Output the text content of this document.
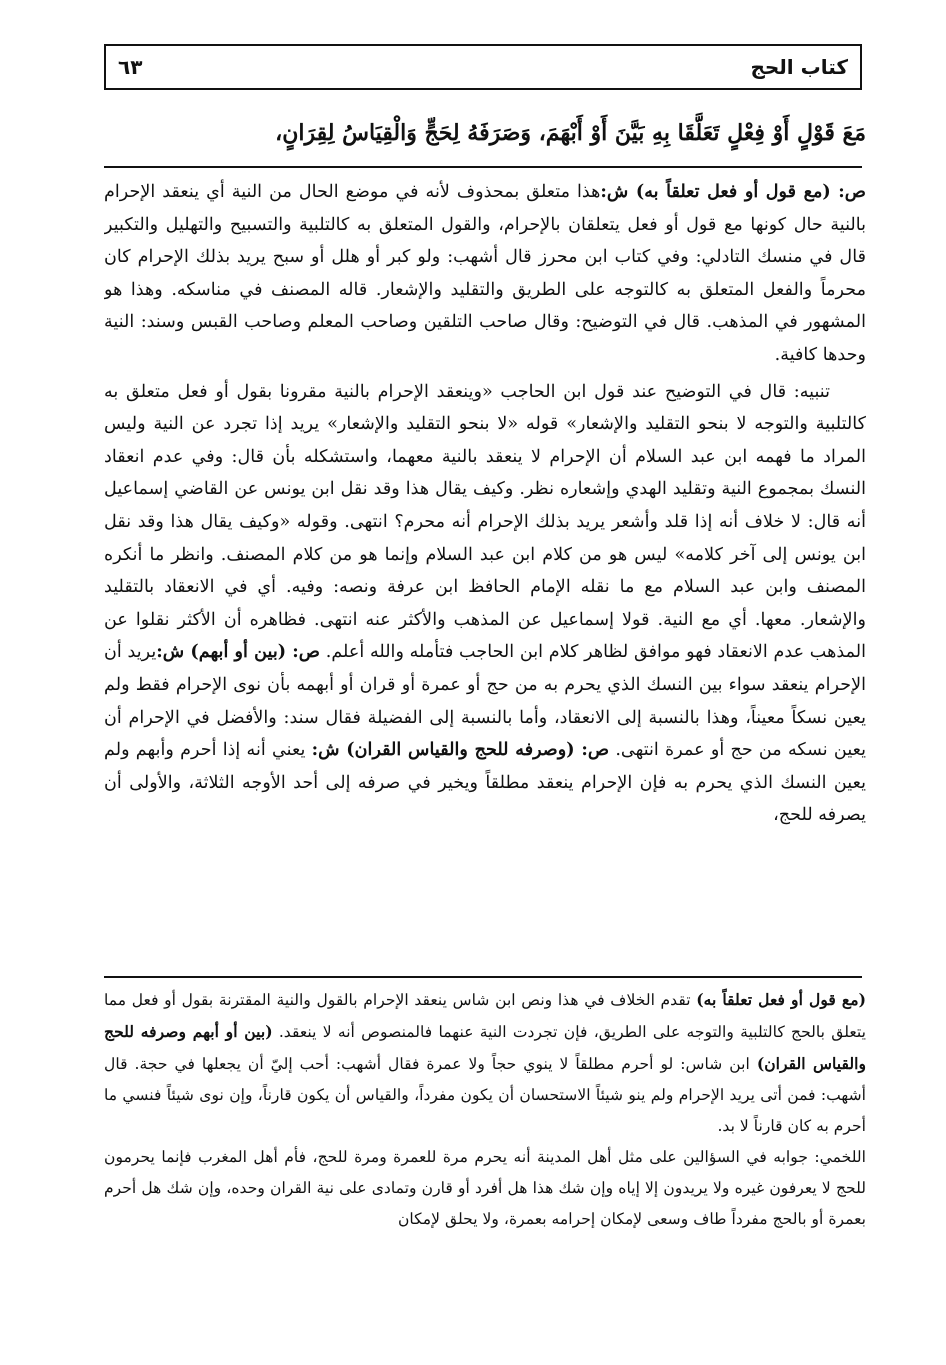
كتاب الحج
٦٣
مَعَ قَوْلٍ أَوْ فِعْلٍ تَعَلَّقَا بِهِ بَيَّنَ أَوْ أَبْهَمَ، وَصَرَفَهُ لِحَجٍّ وَالْقِيَاسُ لِقِرَانٍ،

ص: (مع قول أو فعل تعلقاً به) ش:هذا متعلق بمحذوف لأنه في موضع الحال من النية أي ينعقد الإحرام بالنية حال كونها مع قول أو فعل يتعلقان بالإحرام، والقول المتعلق به كالتلبية والتسبيح والتهليل والتكبير قال في منسك التادلي: وفي كتاب ابن محرز قال أشهب: ولو كبر أو هلل أو سبح يريد بذلك الإحرام كان محرماً والفعل المتعلق به كالتوجه على الطريق والتقليد والإشعار. قاله المصنف في مناسكه. وهذا هو المشهور في المذهب. قال في التوضيح: وقال صاحب التلقين وصاحب المعلم وصاحب القبس وسند: النية وحدها كافية.

تنبيه: قال في التوضيح عند قول ابن الحاجب «وينعقد الإحرام بالنية مقرونا بقول أو فعل متعلق به كالتلبية والتوجه لا بنحو التقليد والإشعار» قوله «لا بنحو التقليد والإشعار» يريد إذا تجرد عن النية وليس المراد ما فهمه ابن عبد السلام أن الإحرام لا ينعقد بالنية معهما، واستشكله بأن قال: وفي عدم انعقاد النسك بمجموع النية وتقليد الهدي وإشعاره نظر. وكيف يقال هذا وقد نقل ابن يونس عن القاضي إسماعيل أنه قال: لا خلاف أنه إذا قلد وأشعر يريد بذلك الإحرام أنه محرم؟ انتهى. وقوله «وكيف يقال هذا وقد نقل ابن يونس إلى آخر كلامه» ليس هو من كلام ابن عبد السلام وإنما هو من كلام المصنف. وانظر ما أنكره المصنف وابن عبد السلام مع ما نقله الإمام الحافظ ابن عرفة ونصه: وفيه. أي في الانعقاد بالتقليد والإشعار. معها. أي مع النية. قولا إسماعيل عن المذهب والأكثر عنه انتهى. فظاهره أن الأكثر نقلوا عن المذهب عدم الانعقاد فهو موافق لظاهر كلام ابن الحاجب فتأمله والله أعلم. ص: (بين أو أبهم) ش:يريد أن الإحرام ينعقد سواء بين النسك الذي يحرم به من حج أو عمرة أو قران أو أبهمه بأن نوى الإحرام فقط ولم يعين نسكاً معيناً، وهذا بالنسبة إلى الانعقاد، وأما بالنسبة إلى الفضيلة فقال سند: والأفضل في الإحرام أن يعين نسكه من حج أو عمرة انتهى. ص: (وصرفه للحج والقياس القران) ش: يعني أنه إذا أحرم وأبهم ولم يعين النسك الذي يحرم به فإن الإحرام ينعقد مطلقاً ويخير في صرفه إلى أحد الأوجه الثلاثة، والأولى أن يصرفه للحج،

(مع قول أو فعل تعلقاً به) تقدم الخلاف في هذا ونص ابن شاس ينعقد الإحرام بالقول والنية المقترنة بقول أو فعل مما يتعلق بالحج كالتلبية والتوجه على الطريق، فإن تجردت النية عنهما فالمنصوص أنه لا ينعقد. (بين أو أبهم وصرفه للحج والقياس القران) ابن شاس: لو أحرم مطلقاً لا ينوي حجاً ولا عمرة فقال أشهب: أحب إليّ أن يجعلها في حجة. قال أشهب: فمن أتى يريد الإحرام ولم ينو شيئاً الاستحسان أن يكون مفرداً، والقياس أن يكون قارناً، وإن نوى شيئاً فنسي ما أحرم به كان قارناً لا بد.

اللخمي: جوابه في السؤالين على مثل أهل المدينة أنه يحرم مرة للعمرة ومرة للحج، فأم أهل المغرب فإنما يحرمون للحج لا يعرفون غيره ولا يريدون إلا إياه وإن شك هذا هل أفرد أو قارن وتمادى على نية القران وحده، وإن شك هل أحرم بعمرة أو بالحج مفرداً طاف وسعى لإمكان إحرامه بعمرة، ولا يحلق لإمكان
